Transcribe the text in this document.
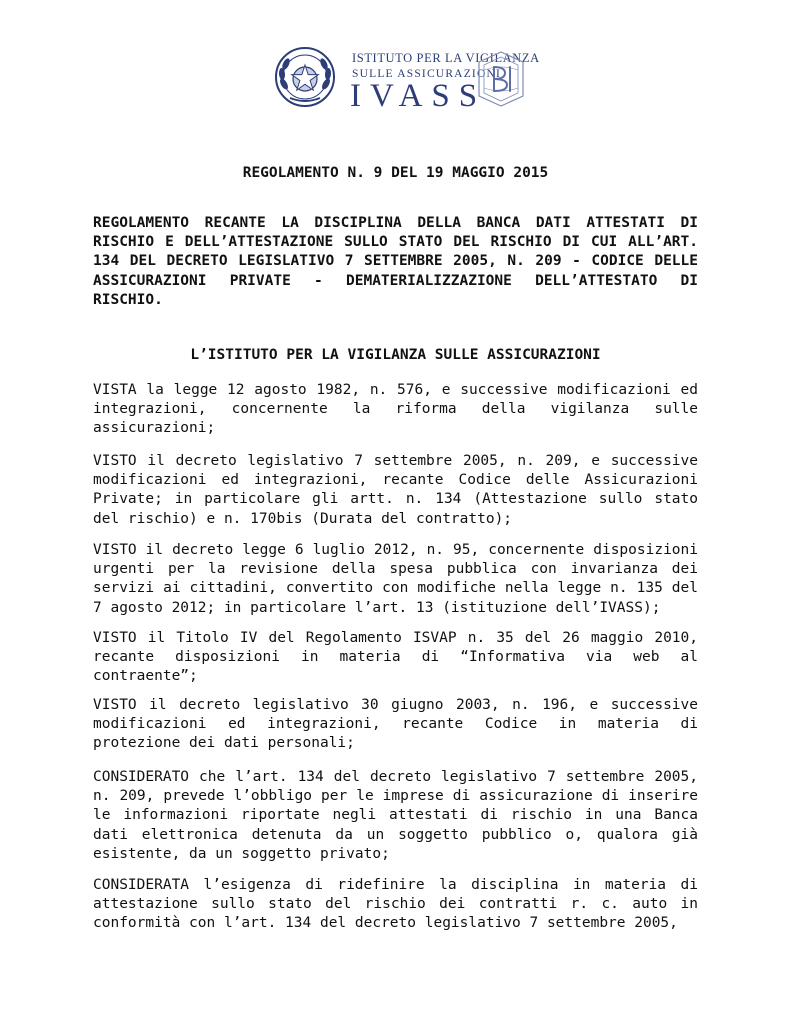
ISTITUTO PER LA VIGILANZA
SULLE ASSICURAZIONI
IVASS
REGOLAMENTO N. 9 DEL 19 MAGGIO 2015
REGOLAMENTO RECANTE LA DISCIPLINA DELLA BANCA DATI ATTESTATI DI RISCHIO E DELL’ATTESTAZIONE SULLO STATO DEL RISCHIO DI CUI ALL’ART. 134 DEL DECRETO LEGISLATIVO 7 SETTEMBRE 2005, N. 209 - CODICE DELLE ASSICURAZIONI PRIVATE - DEMATERIALIZZAZIONE DELL’ATTESTATO DI RISCHIO.
L’ISTITUTO PER LA VIGILANZA SULLE ASSICURAZIONI
VISTA la legge 12 agosto 1982, n. 576, e successive modificazioni ed integrazioni, concernente la riforma della vigilanza sulle assicurazioni;
VISTO il decreto legislativo 7 settembre 2005, n. 209, e successive modificazioni ed integrazioni, recante Codice delle Assicurazioni Private; in particolare gli artt. n. 134 (Attestazione sullo stato del rischio) e n. 170bis (Durata del contratto);
VISTO il decreto legge 6 luglio 2012, n. 95, concernente disposizioni urgenti per la revisione della spesa pubblica con invarianza dei servizi ai cittadini, convertito con modifiche nella legge n. 135 del 7 agosto 2012; in particolare l’art. 13 (istituzione dell’IVASS);
VISTO il Titolo IV del Regolamento ISVAP n. 35 del 26 maggio 2010, recante disposizioni in materia di “Informativa via web al contraente”;
VISTO il decreto legislativo 30 giugno 2003, n. 196, e successive modificazioni ed integrazioni, recante Codice in materia di protezione dei dati personali;
CONSIDERATO che l’art. 134 del decreto legislativo 7 settembre 2005, n. 209, prevede l’obbligo per le imprese di assicurazione di inserire le informazioni riportate negli attestati di rischio in una Banca dati elettronica detenuta da un soggetto pubblico o, qualora già esistente, da un soggetto privato;
CONSIDERATA l’esigenza di ridefinire la disciplina in materia di attestazione sullo stato del rischio dei contratti r. c. auto in conformità con l’art. 134 del decreto legislativo 7 settembre 2005,
